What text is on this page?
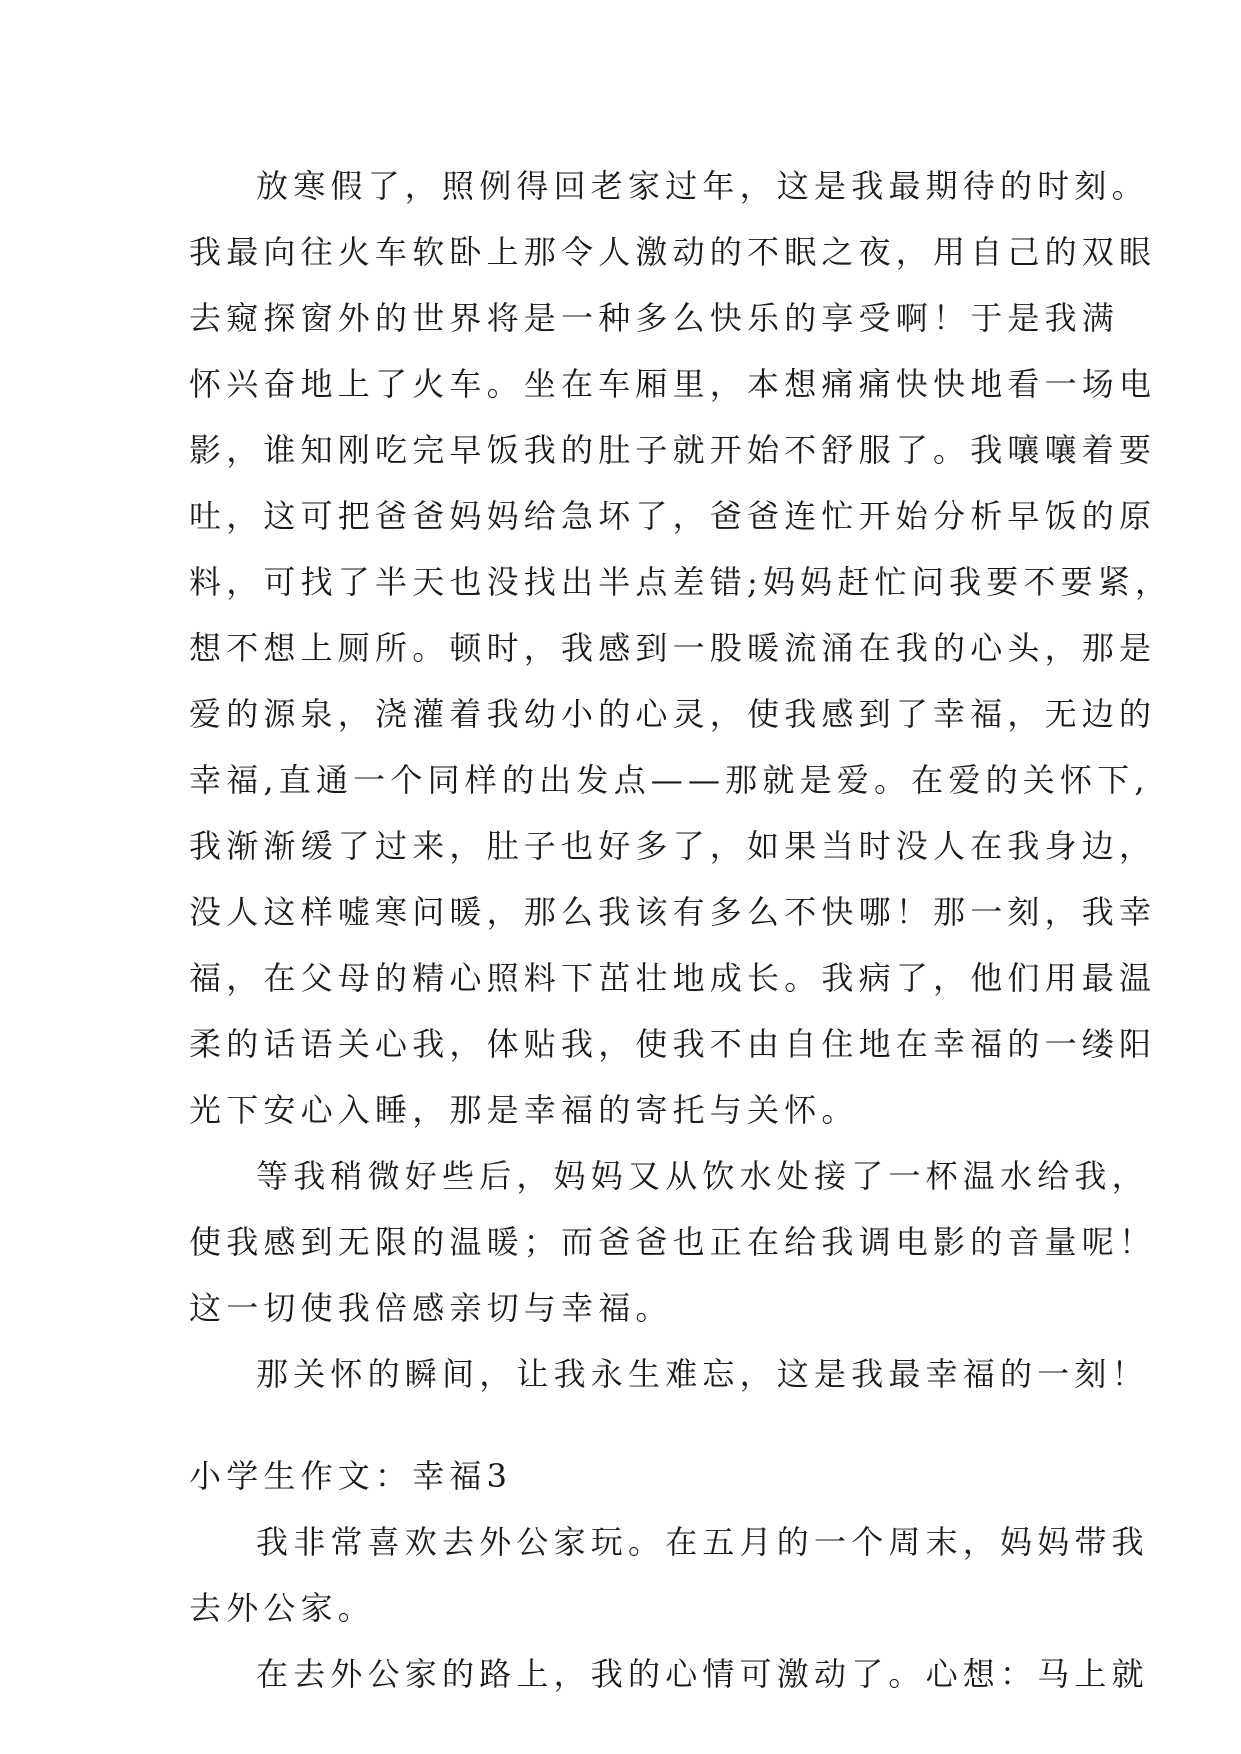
放寒假了，照例得回老家过年，这是我最期待的时刻。
我最向往火车软卧上那令人激动的不眠之夜，用自己的双眼
去窥探窗外的世界将是一种多么快乐的享受啊！于是我满
怀兴奋地上了火车。坐在车厢里，本想痛痛快快地看一场电
影，谁知刚吃完早饭我的肚子就开始不舒服了。我嚷嚷着要
吐，这可把爸爸妈妈给急坏了，爸爸连忙开始分析早饭的原
料，可找了半天也没找出半点差错;妈妈赶忙问我要不要紧，
想不想上厕所。顿时，我感到一股暖流涌在我的心头，那是
爱的源泉，浇灌着我幼小的心灵，使我感到了幸福，无边的
幸福,直通一个同样的出发点——那就是爱。在爱的关怀下,
我渐渐缓了过来，肚子也好多了，如果当时没人在我身边，
没人这样嘘寒问暖，那么我该有多么不快哪！那一刻，我幸
福，在父母的精心照料下茁壮地成长。我病了，他们用最温
柔的话语关心我，体贴我，使我不由自住地在幸福的一缕阳
光下安心入睡，那是幸福的寄托与关怀。
等我稍微好些后，妈妈又从饮水处接了一杯温水给我，
使我感到无限的温暖；而爸爸也正在给我调电影的音量呢！
这一切使我倍感亲切与幸福。
那关怀的瞬间，让我永生难忘，这是我最幸福的一刻！
小学生作文：幸福3
我非常喜欢去外公家玩。在五月的一个周末，妈妈带我
去外公家。
在去外公家的路上，我的心情可激动了。心想：马上就
